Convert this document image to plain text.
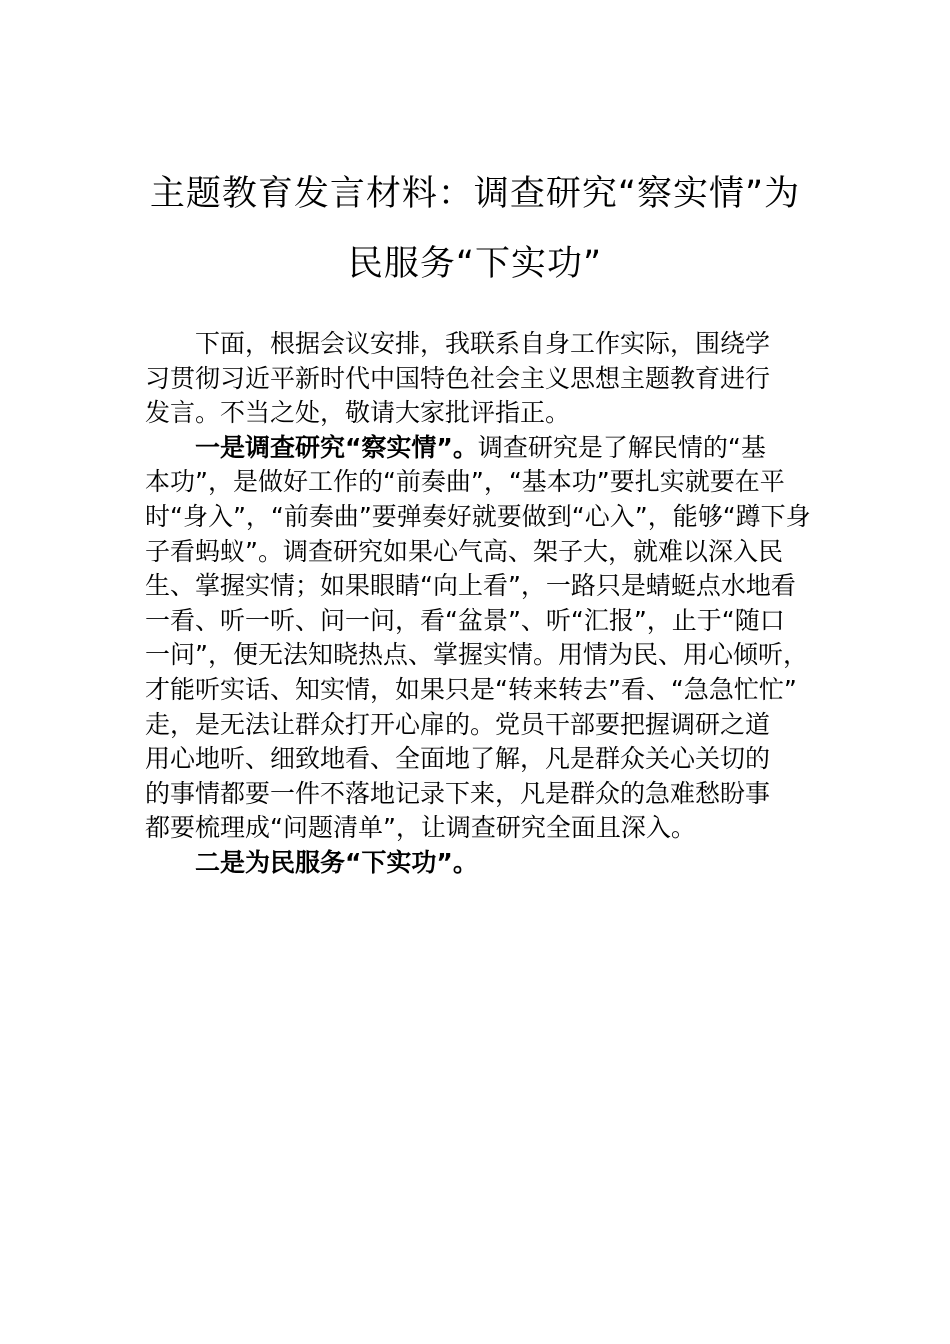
主题教育发言材料：调查研究“察实情”为
民服务“下实功”
下面，根据会议安排，我联系自身工作实际，围绕学
习贯彻习近平新时代中国特色社会主义思想主题教育进行
发言。不当之处，敬请大家批评指正。
一是调查研究“察实情”。调查研究是了解民情的“基
本功”，是做好工作的“前奏曲”，“基本功”要扎实就要在平
时“身入”，“前奏曲”要弹奏好就要做到“心入”，能够“蹲下身
子看蚂蚁”。调查研究如果心气高、架子大，就难以深入民
生、掌握实情；如果眼睛“向上看”，一路只是蜻蜓点水地看
一看、听一听、问一问，看“盆景”、听“汇报”，止于“随口
一问”，便无法知晓热点、掌握实情。用情为民、用心倾听，
才能听实话、知实情，如果只是“转来转去”看、“急急忙忙”
走，是无法让群众打开心扉的。党员干部要把握调研之道
用心地听、细致地看、全面地了解，凡是群众关心关切的
的事情都要一件不落地记录下来，凡是群众的急难愁盼事
都要梳理成“问题清单”，让调查研究全面且深入。
二是为民服务“下实功”。
